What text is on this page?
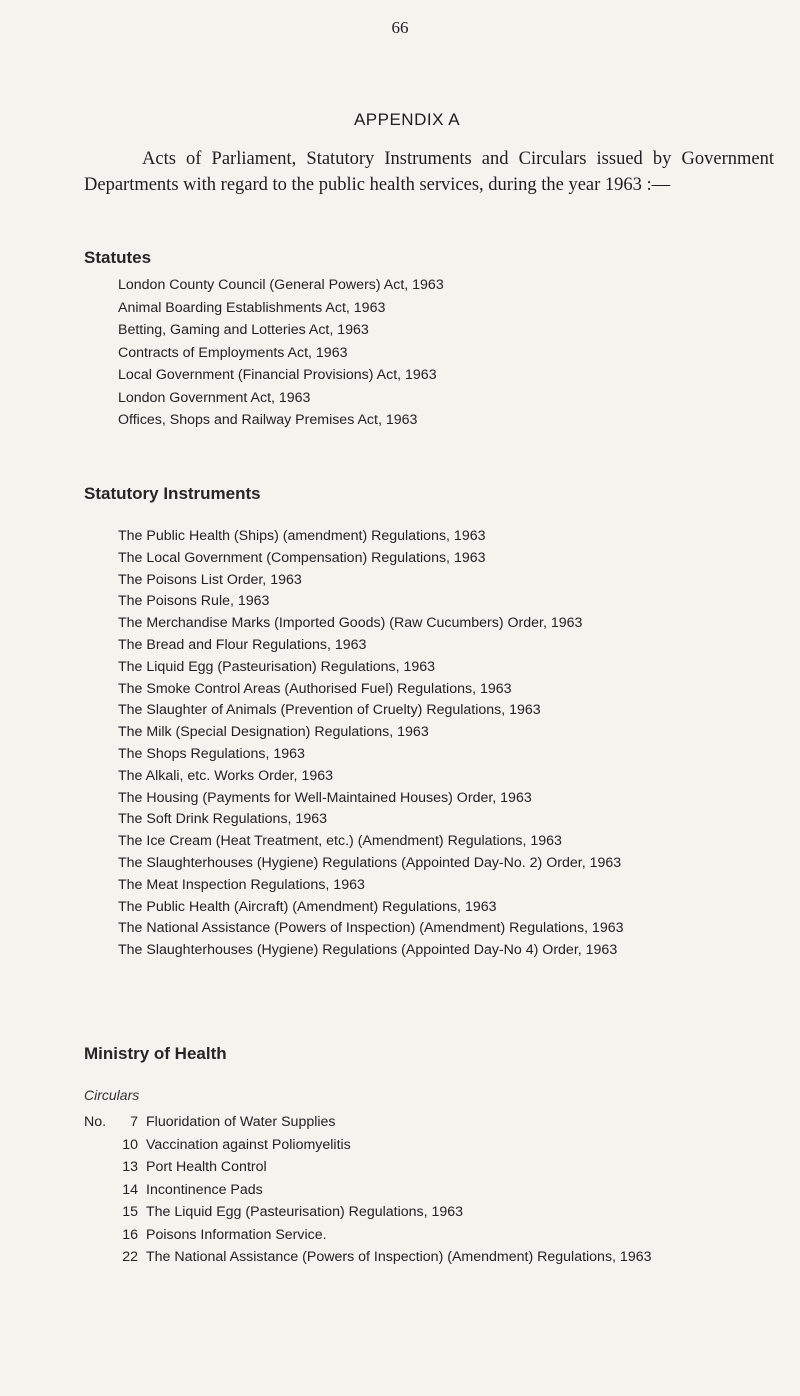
66
APPENDIX A
Acts of Parliament, Statutory Instruments and Circulars issued by Government Departments with regard to the public health services, during the year 1963 :—
Statutes
London County Council (General Powers) Act, 1963
Animal Boarding Establishments Act, 1963
Betting, Gaming and Lotteries Act, 1963
Contracts of Employments Act, 1963
Local Government (Financial Provisions) Act, 1963
London Government Act, 1963
Offices, Shops and Railway Premises Act, 1963
Statutory Instruments
The Public Health (Ships) (amendment) Regulations, 1963
The Local Government (Compensation) Regulations, 1963
The Poisons List Order, 1963
The Poisons Rule, 1963
The Merchandise Marks (Imported Goods) (Raw Cucumbers) Order, 1963
The Bread and Flour Regulations, 1963
The Liquid Egg (Pasteurisation) Regulations, 1963
The Smoke Control Areas (Authorised Fuel) Regulations, 1963
The Slaughter of Animals (Prevention of Cruelty) Regulations, 1963
The Milk (Special Designation) Regulations, 1963
The Shops Regulations, 1963
The Alkali, etc. Works Order, 1963
The Housing (Payments for Well-Maintained Houses) Order, 1963
The Soft Drink Regulations, 1963
The Ice Cream (Heat Treatment, etc.) (Amendment) Regulations, 1963
The Slaughterhouses (Hygiene) Regulations (Appointed Day-No. 2) Order, 1963
The Meat Inspection Regulations, 1963
The Public Health (Aircraft) (Amendment) Regulations, 1963
The National Assistance (Powers of Inspection) (Amendment) Regulations, 1963
The Slaughterhouses (Hygiene) Regulations (Appointed Day-No 4) Order, 1963
Ministry of Health
Circulars
No.	7 Fluoridation of Water Supplies
10 Vaccination against Poliomyelitis
13 Port Health Control
14 Incontinence Pads
15 The Liquid Egg (Pasteurisation) Regulations, 1963
16 Poisons Information Service.
22 The National Assistance (Powers of Inspection) (Amendment) Regulations, 1963
